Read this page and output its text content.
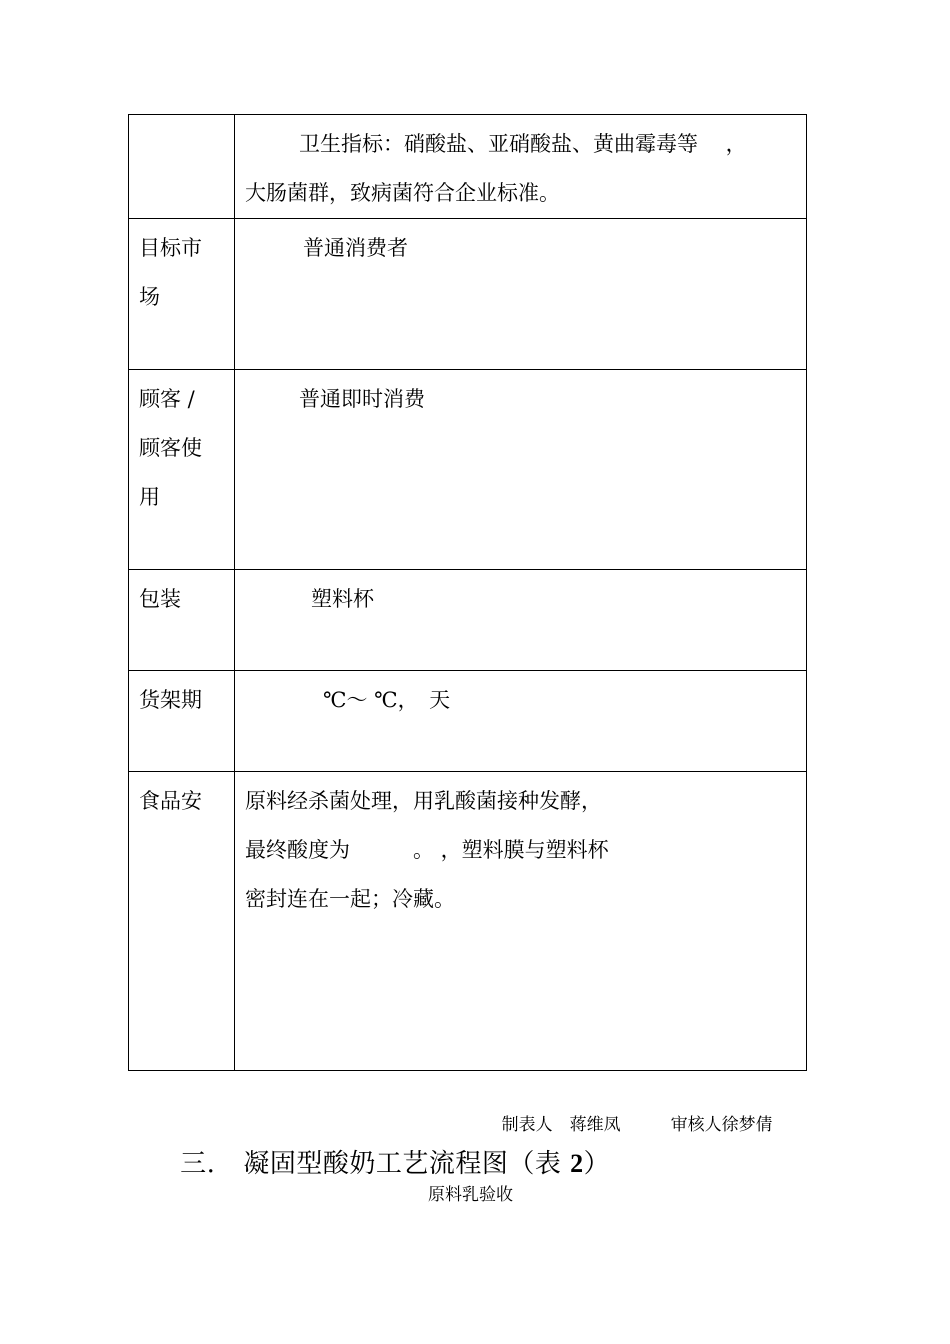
	卫生指标：硝酸盐、亚硝酸盐、黄曲霉毒等　 ，
大肠菌群，致病菌符合企业标准。

目标市
场	普通消费者

顾客 /
顾客使
用	普通即时消费

包装	塑料杯

货架期	℃～ ℃，　天

食品安	原料经杀菌处理，用乳酸菌接种发酵，
最终酸度为　　　。 ，塑料膜与塑料杯
密封连在一起；冷藏。

制表人　蒋维凤	审核人徐梦倩

三. 凝固型酸奶工艺流程图（表 2）

原料乳验收
